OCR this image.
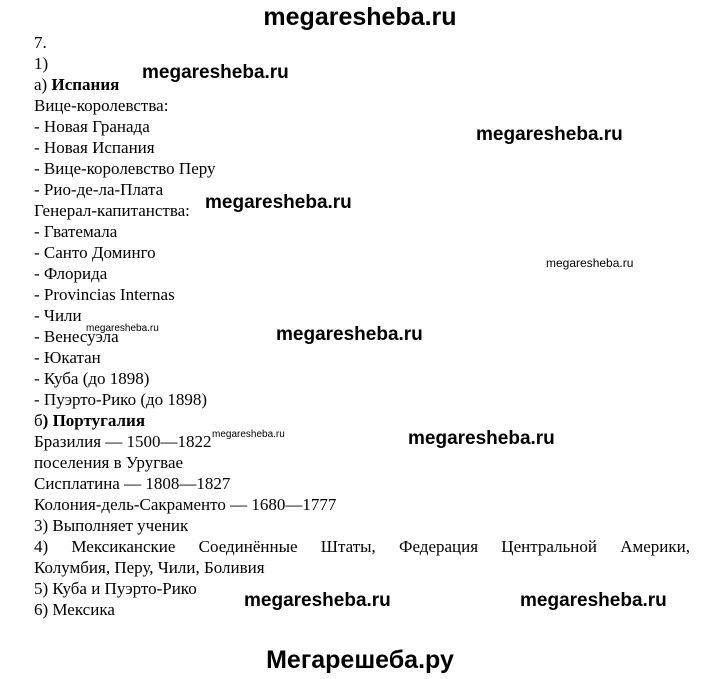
megaresheba.ru
7.
1)
а) Испания
Вице-королевства:
- Новая Гранада
- Новая Испания
- Вице-королевство Перу
- Рио-де-ла-Плата
Генерал-капитанства:
- Гватемала
- Санто Доминго
- Флорида
- Provincias Internas
- Чили
- Венесуэла
- Юкатан
- Куба (до 1898)
- Пуэрто-Рико (до 1898)
б) Португалия
Бразилия — 1500—1822
поселения в Уругвае
Сисплатина — 1808—1827
Колония-дель-Сакраменто — 1680—1777
3) Выполняет ученик
4) Мексиканские Соединённые Штаты, Федерация Центральной Америки,
Колумбия, Перу, Чили, Боливия
5) Куба и Пуэрто-Рико
6) Мексика
megaresheba.ru
megaresheba.ru
megaresheba.ru
megaresheba.ru
megaresheba.ru	megaresheba.ru
megaresheba.ru	megaresheba.ru
megaresheba.ru	megaresheba.ru
Мегарешеба.ру
